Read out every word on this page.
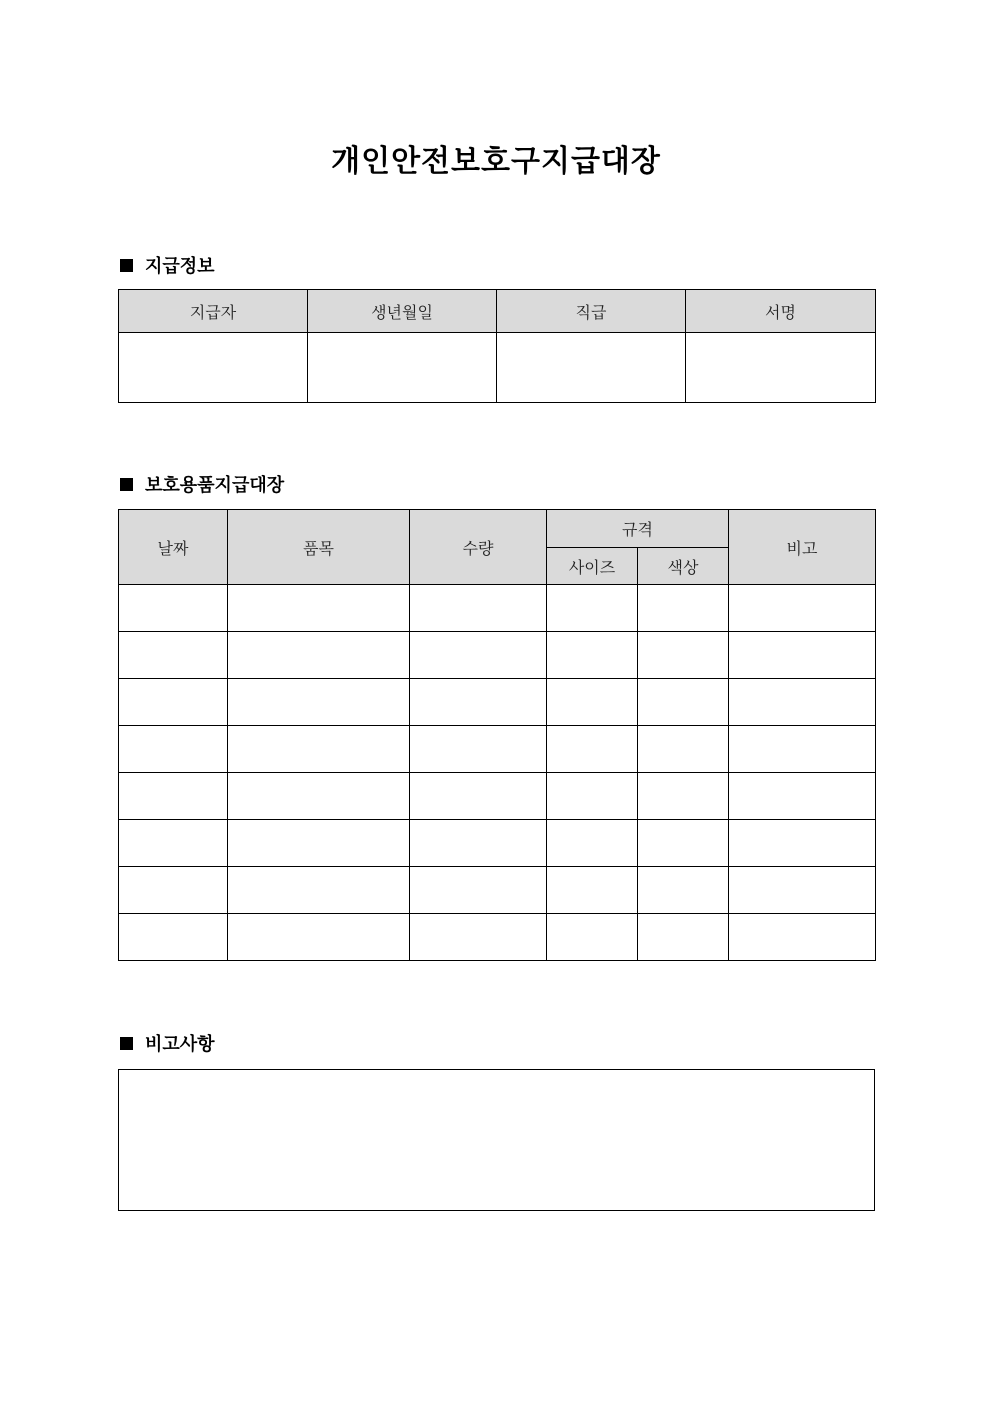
개인안전보호구지급대장
지급정보
지급자	생년월일	직급	서명

보호용품지급대장
날짜	품목	수량	규격		비고
			사이즈	색상	

비고사항
